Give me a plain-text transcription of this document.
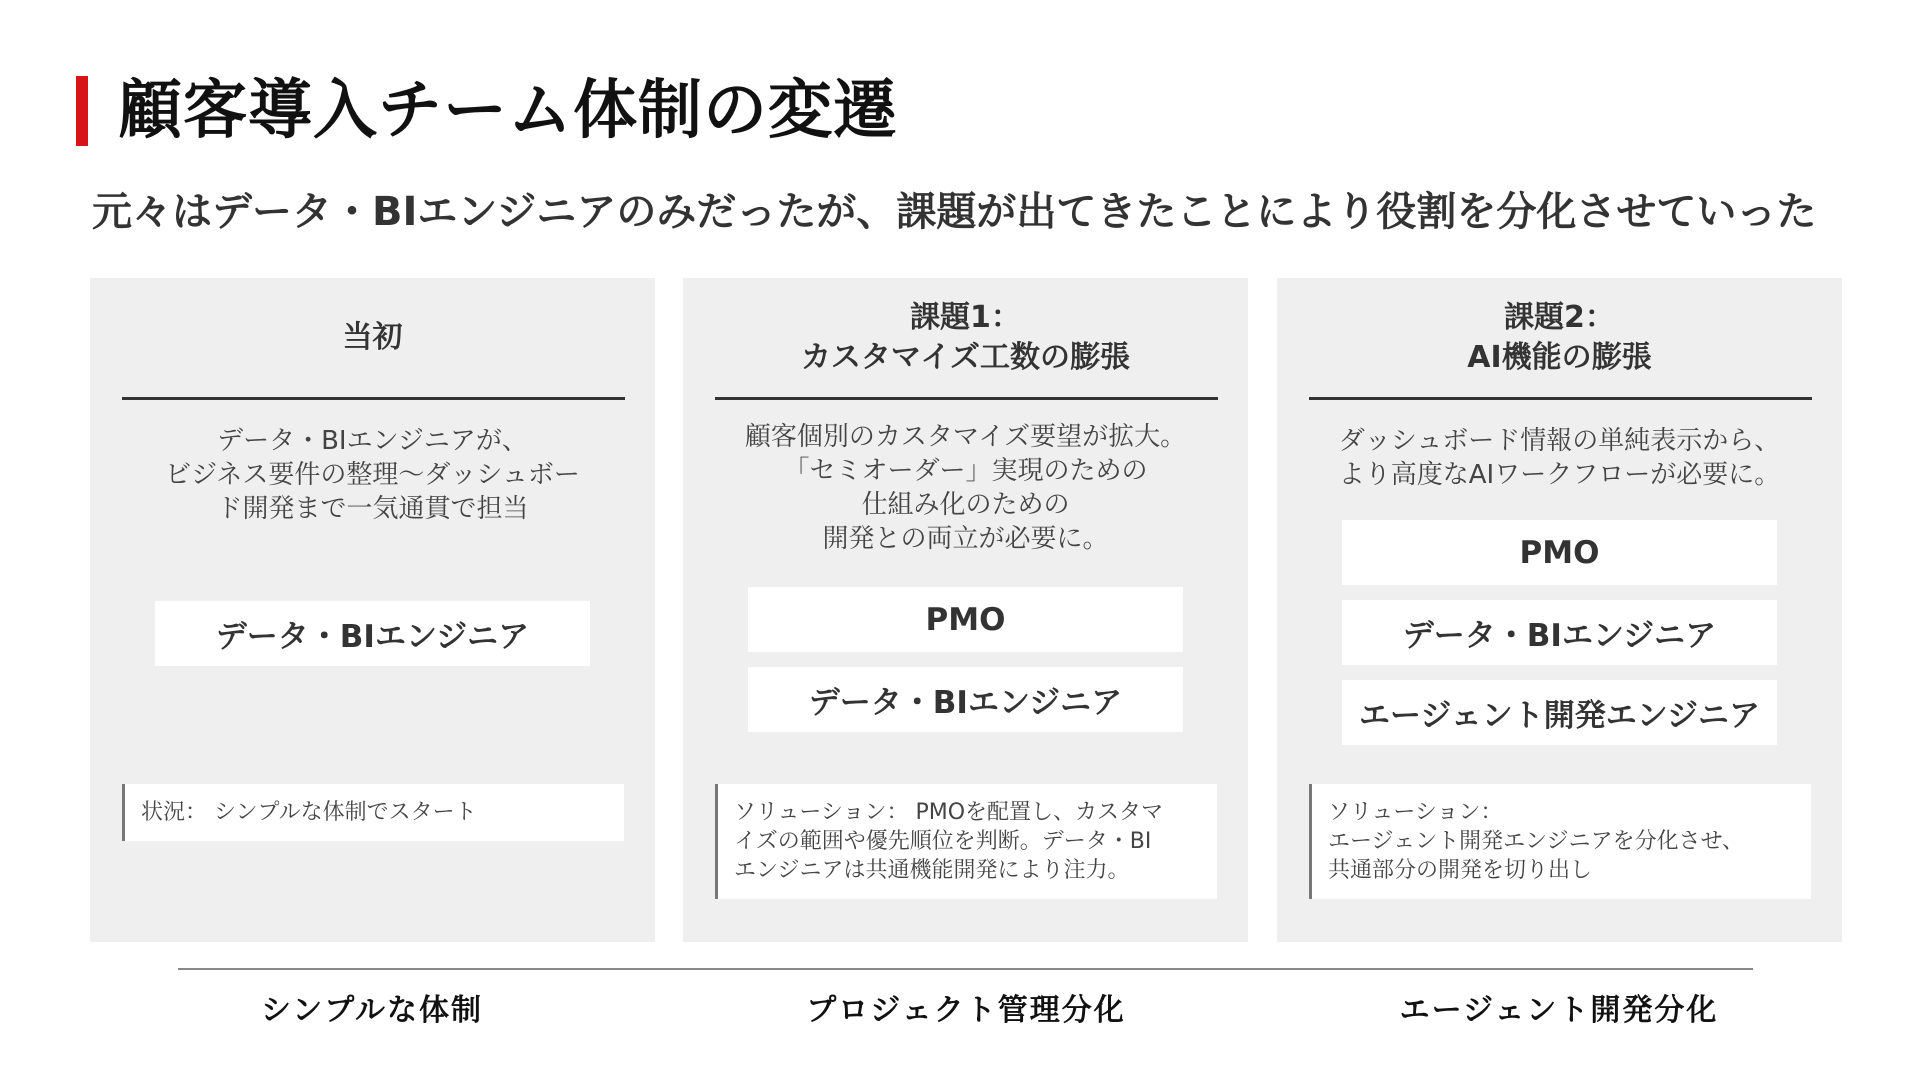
顧客導入チーム体制の変遷
元々はデータ・BIエンジニアのみだったが、課題が出てきたことにより役割を分化させていった
当初
データ・BIエンジニアが、
ビジネス要件の整理〜ダッシュボー
ド開発まで一気通貫で担当
データ・BIエンジニア
状況： シンプルな体制でスタート
課題1：
カスタマイズ工数の膨張
顧客個別のカスタマイズ要望が拡大。
「セミオーダー」実現のための
仕組み化のための
開発との両立が必要に。
PMO
データ・BIエンジニア
ソリューション： PMOを配置し、カスタマ
イズの範囲や優先順位を判断。データ・BI
エンジニアは共通機能開発により注力。
課題2：
AI機能の膨張
ダッシュボード情報の単純表示から、
より高度なAIワークフローが必要に。
PMO
データ・BIエンジニア
エージェント開発エンジニア
ソリューション：
エージェント開発エンジニアを分化させ、
共通部分の開発を切り出し
シンプルな体制	プロジェクト管理分化	エージェント開発分化
